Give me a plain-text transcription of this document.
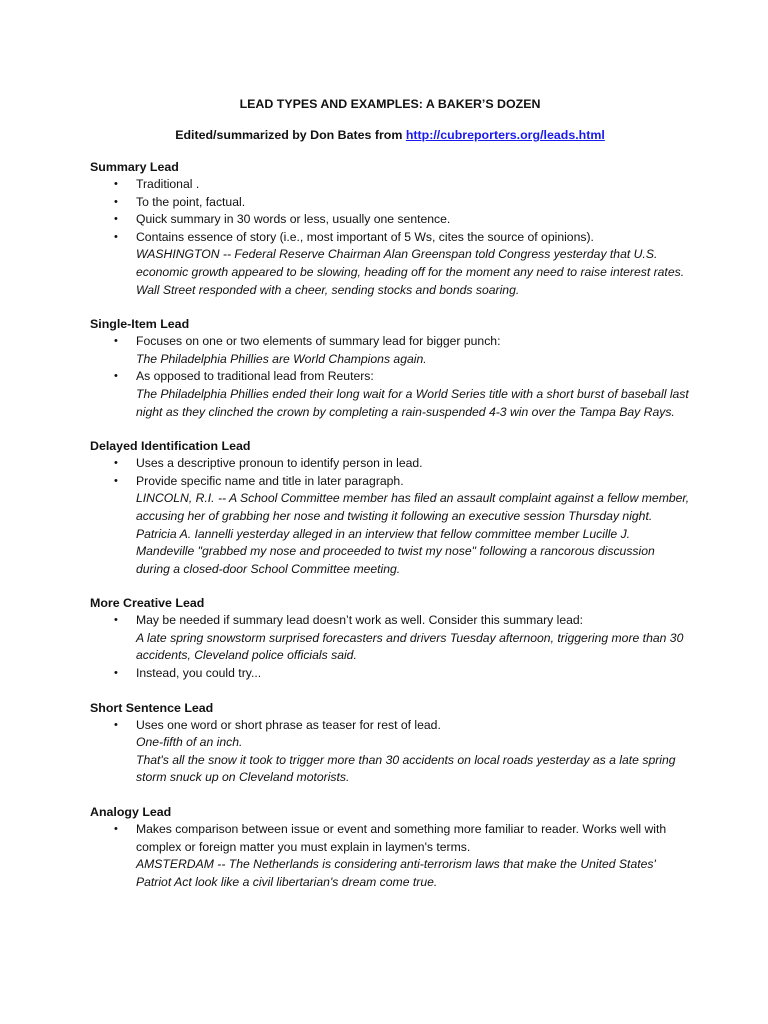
LEAD TYPES AND EXAMPLES: A BAKER’S DOZEN

Edited/summarized by Don Bates from http://cubreporters.org/leads.html

Summary Lead

• Traditional .
• To the point, factual.
• Quick summary in 30 words or less, usually one sentence.
• Contains essence of story (i.e., most important of 5 Ws, cites the source of opinions).
WASHINGTON -- Federal Reserve Chairman Alan Greenspan told Congress yesterday that U.S. economic growth appeared to be slowing, heading off for the moment any need to raise interest rates. Wall Street responded with a cheer, sending stocks and bonds soaring.

Single-Item Lead

• Focuses on one or two elements of summary lead for bigger punch:
The Philadelphia Phillies are World Champions again.
• As opposed to traditional lead from Reuters:
The Philadelphia Phillies ended their long wait for a World Series title with a short burst of baseball last night as they clinched the crown by completing a rain-suspended 4-3 win over the Tampa Bay Rays.

Delayed Identification Lead

• Uses a descriptive pronoun to identify person in lead.
• Provide specific name and title in later paragraph.
LINCOLN, R.I. -- A School Committee member has filed an assault complaint against a fellow member, accusing her of grabbing her nose and twisting it following an executive session Thursday night.
Patricia A. Iannelli yesterday alleged in an interview that fellow committee member Lucille J. Mandeville "grabbed my nose and proceeded to twist my nose" following a rancorous discussion during a closed-door School Committee meeting.

More Creative Lead

• May be needed if summary lead doesn’t work as well. Consider this summary lead:
A late spring snowstorm surprised forecasters and drivers Tuesday afternoon, triggering more than 30 accidents, Cleveland police officials said.
• Instead, you could try...

Short Sentence Lead

• Uses one word or short phrase as teaser for rest of lead.
One-fifth of an inch.
That's all the snow it took to trigger more than 30 accidents on local roads yesterday as a late spring storm snuck up on Cleveland motorists.

Analogy Lead

• Makes comparison between issue or event and something more familiar to reader. Works well with complex or foreign matter you must explain in laymen's terms.
AMSTERDAM -- The Netherlands is considering anti-terrorism laws that make the United States' Patriot Act look like a civil libertarian's dream come true.
